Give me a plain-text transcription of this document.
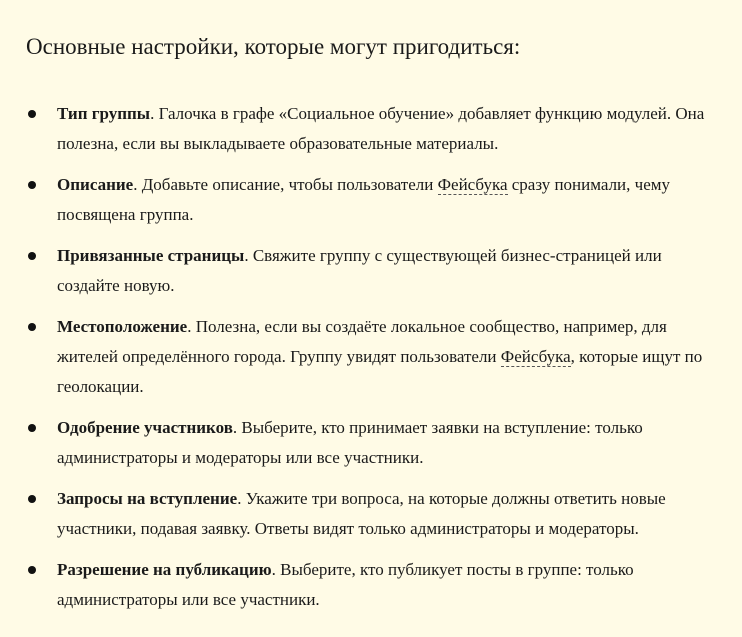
Основные настройки, которые могут пригодиться:
Тип группы. Галочка в графе «Социальное обучение» добавляет функцию модулей. Она полезна, если вы выкладываете образовательные материалы.
Описание. Добавьте описание, чтобы пользователи Фейсбука сразу понимали, чему посвящена группа.
Привязанные страницы. Свяжите группу с существующей бизнес-страницей или создайте новую.
Местоположение. Полезна, если вы создаёте локальное сообщество, например, для жителей определённого города. Группу увидят пользователи Фейсбука, которые ищут по геолокации.
Одобрение участников. Выберите, кто принимает заявки на вступление: только администраторы и модераторы или все участники.
Запросы на вступление. Укажите три вопроса, на которые должны ответить новые участники, подавая заявку. Ответы видят только администраторы и модераторы.
Разрешение на публикацию. Выберите, кто публикует посты в группе: только администраторы или все участники.
